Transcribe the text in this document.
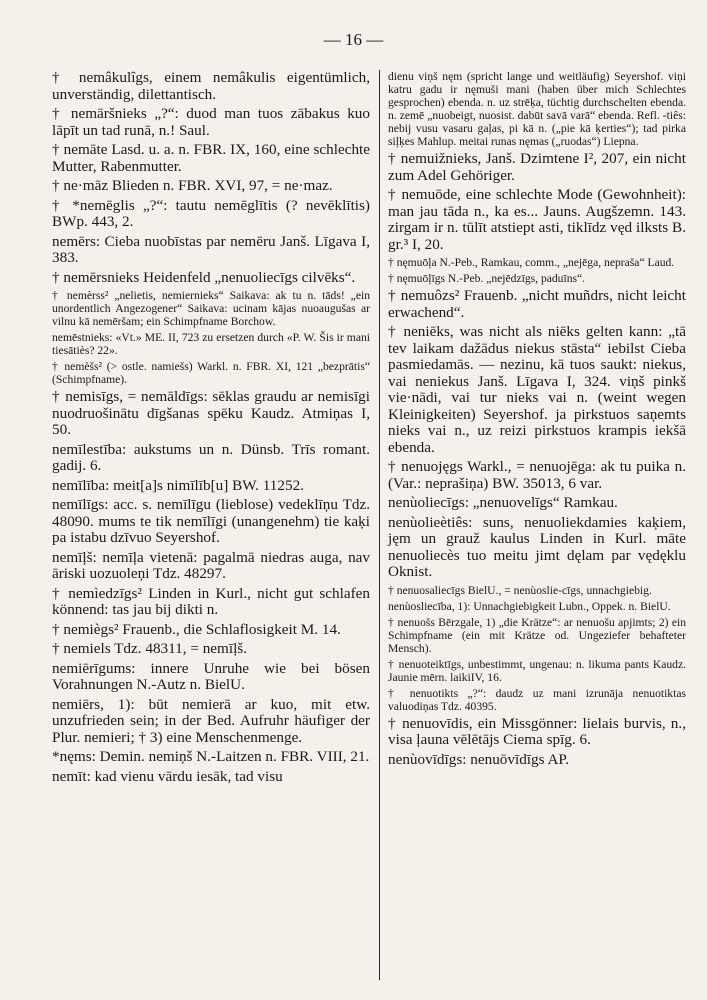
— 16 —

† nemâkulîgs, einem nemâkulis eigentümlich, unverständig, dilettantisch.

† nemāršnieks „?“: duod man tuos zābakus kuo lāpīt un tad runā, n.! Saul.

† nemāte Lasd. u. a. n. FBR. IX, 160, eine schlechte Mutter, Rabenmutter.

† ne·māz Blieden n. FBR. XVI, 97, = ne·maz.

† *nemēglis „?“: tautu nemēglītis (? nevēklītis) BWp. 443, 2.

nemērs: Cieba nuobīstas par nemēru Janš. Līgava I, 383.

† nemērsnieks Heidenfeld „nenuoliecīgs cilvēks“.

† nemèrss² „nelietis, nemiernieks“ Saikava: ak tu n. tāds! „ein unordentlich Angezogener“ Saikava: ucinam kājas nuoaugušas ar vilnu kā nemēršam; ein Schimpfname Borchow.

nemēstnieks: «Vt.» ME. II, 723 zu ersetzen durch «P. W. Šis ir mani tiesātiès? 22».

† nemèšs² (> ostle. namiešs) Warkl. n. FBR. XI, 121 „bezprātis“ (Schimpfname).

† nemisīgs, = nemāldīgs: sēklas graudu ar nemisīgi nuodruošinātu dīgšanas spēku Kaudz. Atmiņas I, 50.

nemīlestība: aukstums un n. Dünsb. Trīs romant. gadij. 6.

nemīlība: meit[a]s nimīlīb[u] BW. 11252.

nemīlīgs: acc. s. nemīlīgu (lieblose) vedeklīņu Tdz. 48090. mums te tik nemīlīgi (unangenehm) tie kaķi pa istabu dzīvuo Seyershof.

nemīļš: nemīļa vietenā: pagalmā niedras auga, nav āriski uozuoleņi Tdz. 48297.

† nemìedzīgs² Linden in Kurl., nicht gut schlafen könnend: tas jau bij dikti n.

† nemiègs² Frauenb., die Schlaflosigkeit M. 14.

† nemiels Tdz. 48311, = nemīļš.

nemiērīgums: innere Unruhe wie bei bösen Vorahnungen N.-Autz n. BielU.

nemiērs, 1): būt nemierā ar kuo, mit etw. unzufrieden sein; in der Bed. Aufruhr häufiger der Plur. nemieri; † 3) eine Menschenmenge.

*nęms: Demin. nemiņš N.-Laitzen n. FBR. VIII, 21.

nemīt: kad vienu vārdu iesāk, tad visu

dienu viņš nęm (spricht lange und weitläufig) Seyershof. viņi katru gadu ir nęmuši mani (haben über mich Schlechtes gesprochen) ebenda. n. uz strēķa, tüchtig durchschelten ebenda. n. zemē „nuobeigt, nuosist. dabūt savā varā“ ebenda. Refl. -tiês: nebij vusu vasaru gaļas, pi kā n. („pie kā ķerties“); tad pirka siļķes Mahlup. meitai runas nęmas („ruodas“) Liepna.

† nemuižnieks, Janš. Dzimtene I², 207, ein nicht zum Adel Gehöriger.

† nemuōde, eine schlechte Mode (Gewohnheit): man jau tāda n., ka es... Jauns. Augšzemn. 143. zirgam ir n. tūlīt atstiept asti, tiklīdz vęd ilksts B. gr.³ I, 20.

† nęmuōļa N.-Peb., Ramkau, comm., „nejēga, neprаša“ Laud.

† nęmuōļīgs N.-Peb. „nejēdzīgs, paduīns“.

† nemuôzs² Frauenb. „nicht muñdrs, nicht leicht erwachend“.

† neniēks, was nicht als niēks gelten kann: „tā tev laikam dažādus niekus stāsta“ iebilst Cieba pasmiedamās. — nezinu, kā tuos saukt: niekus, vai neniekus Janš. Līgava I, 324. viņš pinkš vie·nādi, vai tur nieks vai n. (weint wegen Kleinigkeiten) Seyershof. ja pirkstuos saņemts nieks vai n., uz reizi pirkstuos krampis iekšā ebenda.

† nenuojęgs Warkl., = nenuojēga: ak tu puika n. (Var.: neprašiņa) BW. 35013, 6 var.

nenùoliecīgs: „nenuovelīgs“ Ramkau.

nenùolieètiês: suns, nenuoliekdamies kaķiem, jęm un grauž kaulus Linden in Kurl. māte nenuolieсès tuo meitu jimt dęlam par vędęklu Oknist.

† nenuosaliecīgs BielU., = nenùoslie-cīgs, unnachgiebig.

nenùosliecība, 1): Unnachgiebigkeit Lubn., Oppek. n. BielU.

† nenuošs Bērzgale, 1) „die Krätze“: ar nenuošu apjimts; 2) ein Schimpfname (ein mit Krätze od. Ungeziefer behafteter Mensch).

† nenuoteiktīgs, unbestimmt, ungenau: n. likuma pants Kaudz. Jaunie mērn. laikiIV, 16.

† nenuotikts „?“: daudz uz mani izrunāja nenuotiktas valuodiņas Tdz. 40395.

† nenuovīdis, ein Missgönner: lielais burvis, n., visa ļauna vēlētājs Ciema spīg. 6.

nenùovīdīgs: nenuōvīdīgs AP.
